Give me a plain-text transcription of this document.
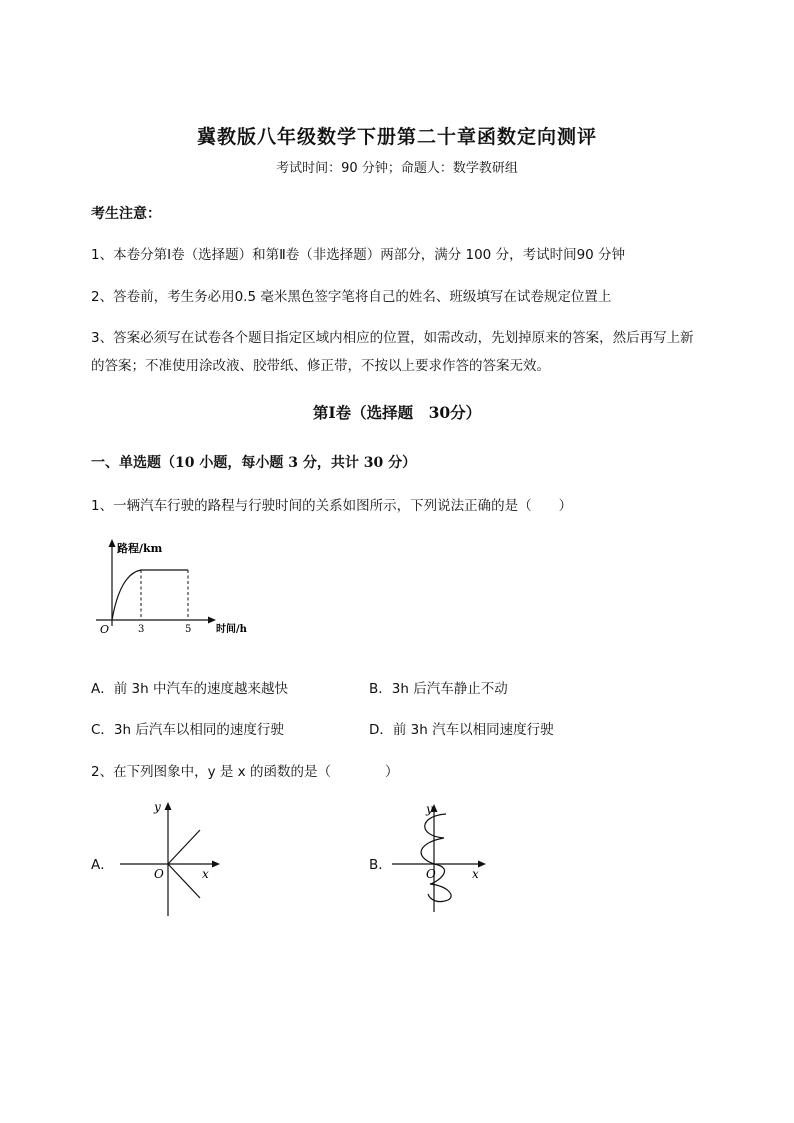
冀教版八年级数学下册第二十章函数定向测评
考试时间：90 分钟；命题人：数学教研组
考生注意：
1、本卷分第Ⅰ卷（选择题）和第Ⅱ卷（非选择题）两部分，满分 100 分，考试时间90 分钟
2、答卷前，考生务必用0.5 毫米黑色签字笔将自己的姓名、班级填写在试卷规定位置上
3、答案必须写在试卷各个题目指定区域内相应的位置，如需改动，先划掉原来的答案，然后再写上新
的答案；不准使用涂改液、胶带纸、修正带，不按以上要求作答的答案无效。
第Ⅰ卷（选择题　30分）
一、单选题（10 小题，每小题 3 分，共计 30 分）
1、一辆汽车行驶的路程与行驶时间的关系如图所示，下列说法正确的是（　　）
路程/km
O	3	5 时间/h
A．前 3h 中汽车的速度越来越快	B．3h 后汽车静止不动
C．3h 后汽车以相同的速度行驶	D．前 3h 汽车以相同速度行驶
2、在下列图象中，y 是 x 的函数的是（　　　　）
A．
y
O	x
B．
y
O	x
